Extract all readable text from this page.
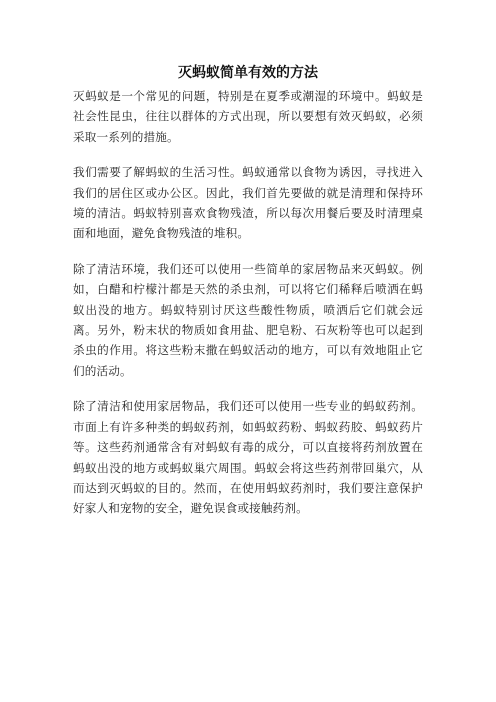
灭蚂蚁简单有效的方法

灭蚂蚁是一个常见的问题，特别是在夏季或潮湿的环境中。蚂蚁是社会性昆虫，往往以群体的方式出现，所以要想有效灭蚂蚁，必须采取一系列的措施。

我们需要了解蚂蚁的生活习性。蚂蚁通常以食物为诱因，寻找进入我们的居住区或办公区。因此，我们首先要做的就是清理和保持环境的清洁。蚂蚁特别喜欢食物残渣，所以每次用餐后要及时清理桌面和地面，避免食物残渣的堆积。

除了清洁环境，我们还可以使用一些简单的家居物品来灭蚂蚁。例如，白醋和柠檬汁都是天然的杀虫剂，可以将它们稀释后喷洒在蚂蚁出没的地方。蚂蚁特别讨厌这些酸性物质，喷洒后它们就会远离。另外，粉末状的物质如食用盐、肥皂粉、石灰粉等也可以起到杀虫的作用。将这些粉末撒在蚂蚁活动的地方，可以有效地阻止它们的活动。

除了清洁和使用家居物品，我们还可以使用一些专业的蚂蚁药剂。市面上有许多种类的蚂蚁药剂，如蚂蚁药粉、蚂蚁药胶、蚂蚁药片等。这些药剂通常含有对蚂蚁有毒的成分，可以直接将药剂放置在蚂蚁出没的地方或蚂蚁巢穴周围。蚂蚁会将这些药剂带回巢穴，从而达到灭蚂蚁的目的。然而，在使用蚂蚁药剂时，我们要注意保护好家人和宠物的安全，避免误食或接触药剂。
